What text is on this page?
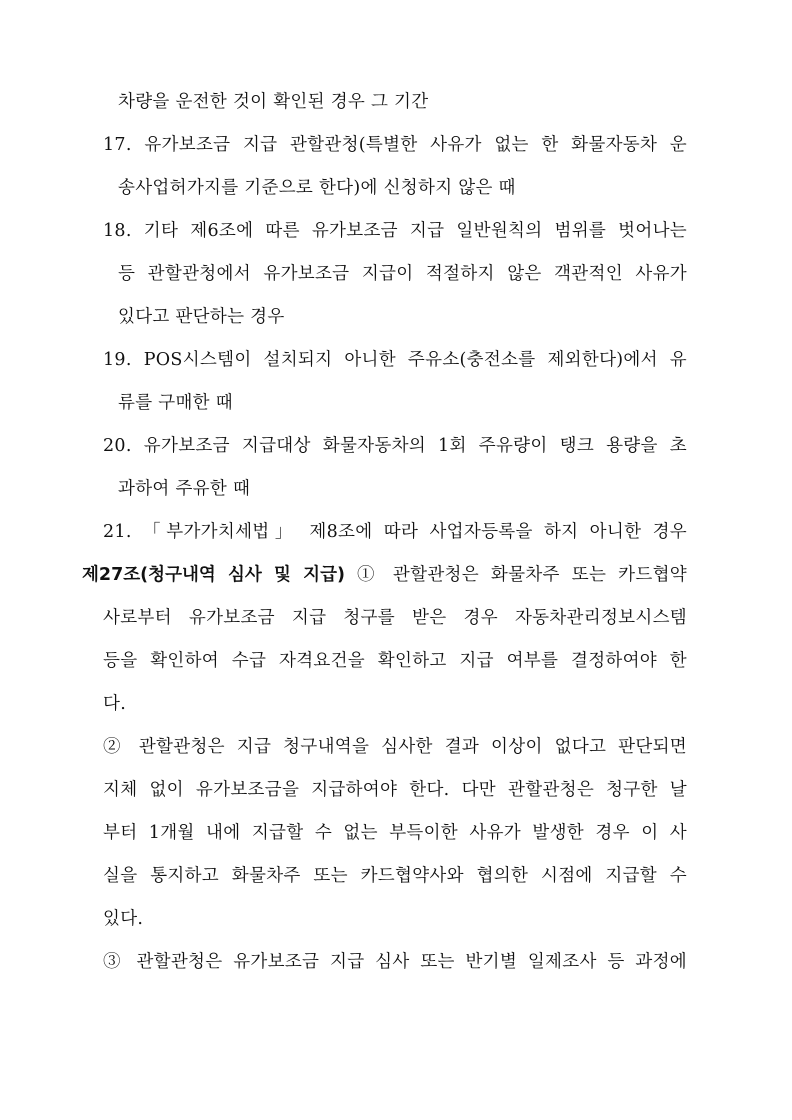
차량을 운전한 것이 확인된 경우 그 기간
17. 유가보조금 지급 관할관청(특별한 사유가 없는 한 화물자동차 운
송사업허가지를 기준으로 한다)에 신청하지 않은 때
18. 기타 제6조에 따른 유가보조금 지급 일반원칙의 범위를 벗어나는
등 관할관청에서 유가보조금 지급이 적절하지 않은 객관적인 사유가
있다고 판단하는 경우
19. POS시스템이 설치되지 아니한 주유소(충전소를 제외한다)에서 유
류를 구매한 때
20. 유가보조금 지급대상 화물자동차의 1회 주유량이 탱크 용량을 초
과하여 주유한 때
21. 「부가가치세법」 제8조에 따라 사업자등록을 하지 아니한 경우
제27조(청구내역 심사 및 지급) ① 관할관청은 화물차주 또는 카드협약
사로부터 유가보조금 지급 청구를 받은 경우 자동차관리정보시스템
등을 확인하여 수급 자격요건을 확인하고 지급 여부를 결정하여야 한
다.
② 관할관청은 지급 청구내역을 심사한 결과 이상이 없다고 판단되면
지체 없이 유가보조금을 지급하여야 한다. 다만 관할관청은 청구한 날
부터 1개월 내에 지급할 수 없는 부득이한 사유가 발생한 경우 이 사
실을 통지하고 화물차주 또는 카드협약사와 협의한 시점에 지급할 수
있다.
③ 관할관청은 유가보조금 지급 심사 또는 반기별 일제조사 등 과정에
